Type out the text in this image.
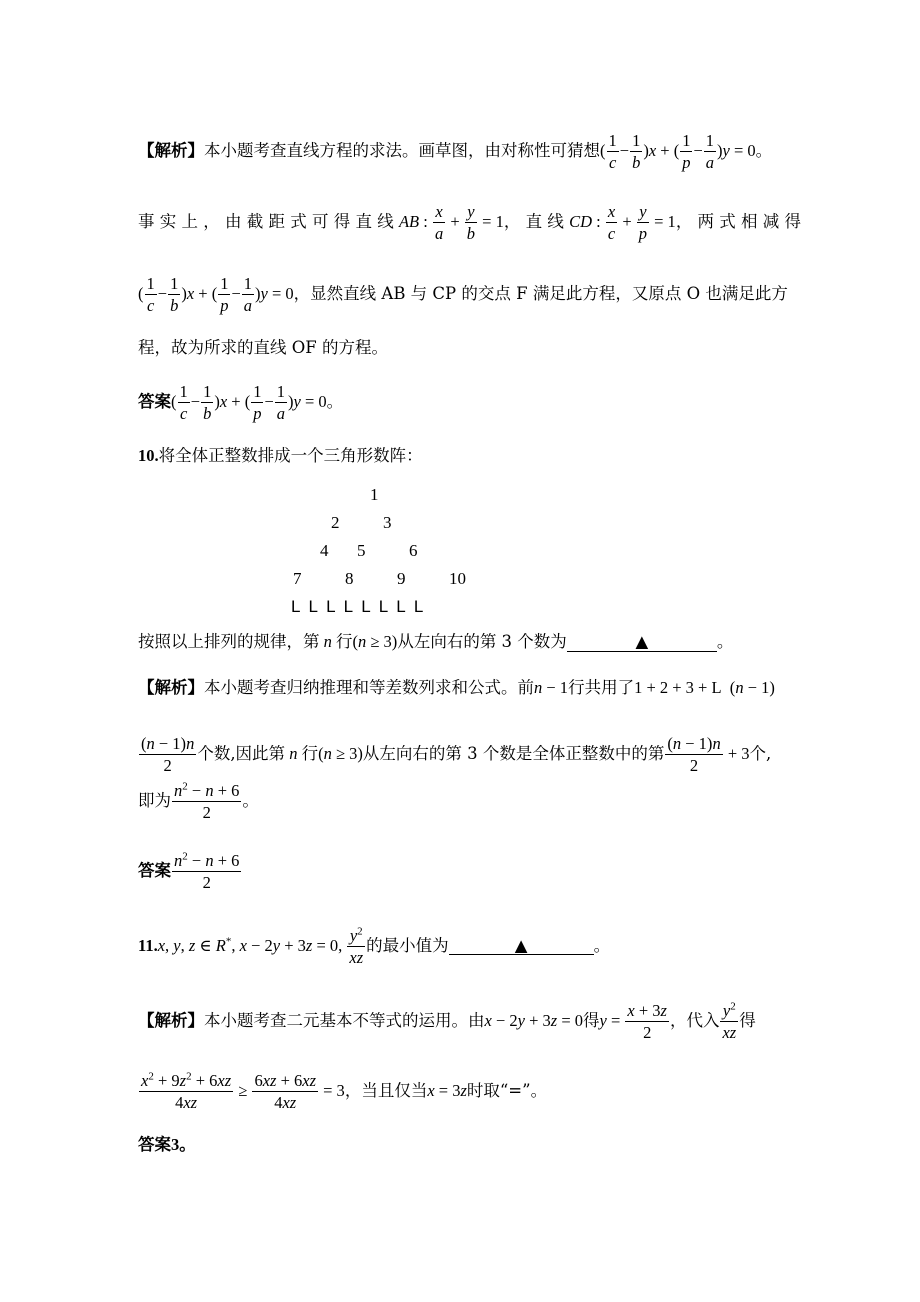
【解析】本小题考查直线方程的求法。画草图，由对称性可猜想( $\frac{1}{c} - \frac{1}{b} )x$ + ( $\frac{1}{p} - \frac{1}{a} )y = 0$。
事 实 上 ， 由 截 距 式 可 得 直 线 AB : $\frac{x}{a} + \frac{y}{b} = 1$， 直 线 CD : $\frac{x}{c} + \frac{y}{p} = 1$， 两 式 相 减 得
( $\frac{1}{c} - \frac{1}{b} )x$ + ( $\frac{1}{p} - \frac{1}{a} )y = 0$，显然直线 AB 与 CP 的交点 F 满足此方程，又原点 O 也满足此方
程，故为所求的直线 OF 的方程。
答案( $\frac{1}{c} - \frac{1}{b} )x$ + ( $\frac{1}{p} - \frac{1}{a} )y = 0$。
10.将全体正整数排成一个三角形数阵：
1
2	3
4 5	6
7	8	9	10
L L L L L L L L
按照以上排列的规律，第 n 行(n ≥ 3)从左向右的第 3 个数为	▲	。
【解析】本小题考查归纳推理和等差数列求和公式。前n − 1行共用了1 + 2 + 3 + L  (n − 1)
$\frac{(n - 1)n}{2}$ 个数,因此第 n 行(n ≥ 3)从左向右的第 3 个数是全体正整数中的第 $\frac{(n - 1)n}{2} + 3$个,
即为 $\frac{n^2 - n + 6}{2}$ 。
答案 $\frac{n^2 - n + 6}{2}$
11.x, y, z ∈ R*, x − 2y + 3z = 0, $\frac{y^2}{xz}$ 的最小值为	▲	。
【解析】本小题考查二元基本不等式的运用。由x − 2y + 3z = 0得$y = \frac{x + 3z}{2}$ ，代入 $\frac{y^2}{xz}$ 得
$\frac{x^2 + 9z^2 + 6xz}{4xz} \ge \frac{6xz + 6xz}{4xz} = 3$，当且仅当x = 3z时取“=”。
答案3。
